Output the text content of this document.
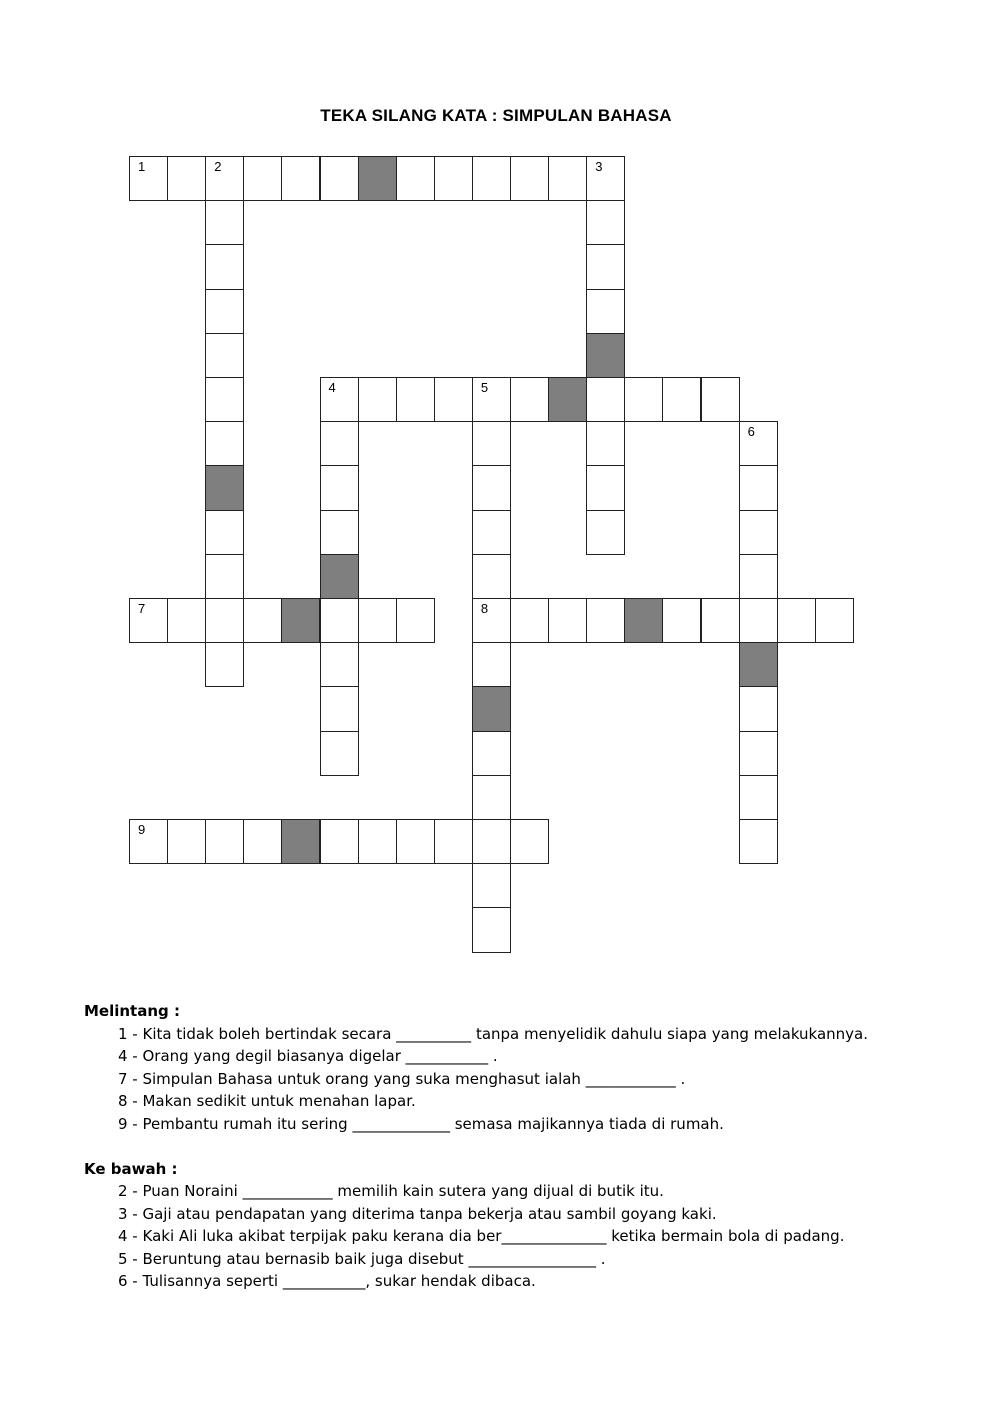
TEKA SILANG KATA : SIMPULAN BAHASA
1	2	3
4	5
6
7	8
9

Melintang :

1 - Kita tidak boleh bertindak secara __________ tanpa menyelidik dahulu siapa yang melakukannya.

4 - Orang yang degil biasanya digelar ___________ .

7 - Simpulan Bahasa untuk orang yang suka menghasut ialah ____________ .

8 - Makan sedikit untuk menahan lapar.

9 - Pembantu rumah itu sering _____________ semasa majikannya tiada di rumah.

Ke bawah :

2 - Puan Noraini ____________ memilih kain sutera yang dijual di butik itu.

3 - Gaji atau pendapatan yang diterima tanpa bekerja atau sambil goyang kaki.

4 - Kaki Ali luka akibat terpijak paku kerana dia ber______________ ketika bermain bola di padang.

5 - Beruntung atau bernasib baik juga disebut _________________ .

6 - Tulisannya seperti ___________, sukar hendak dibaca.
